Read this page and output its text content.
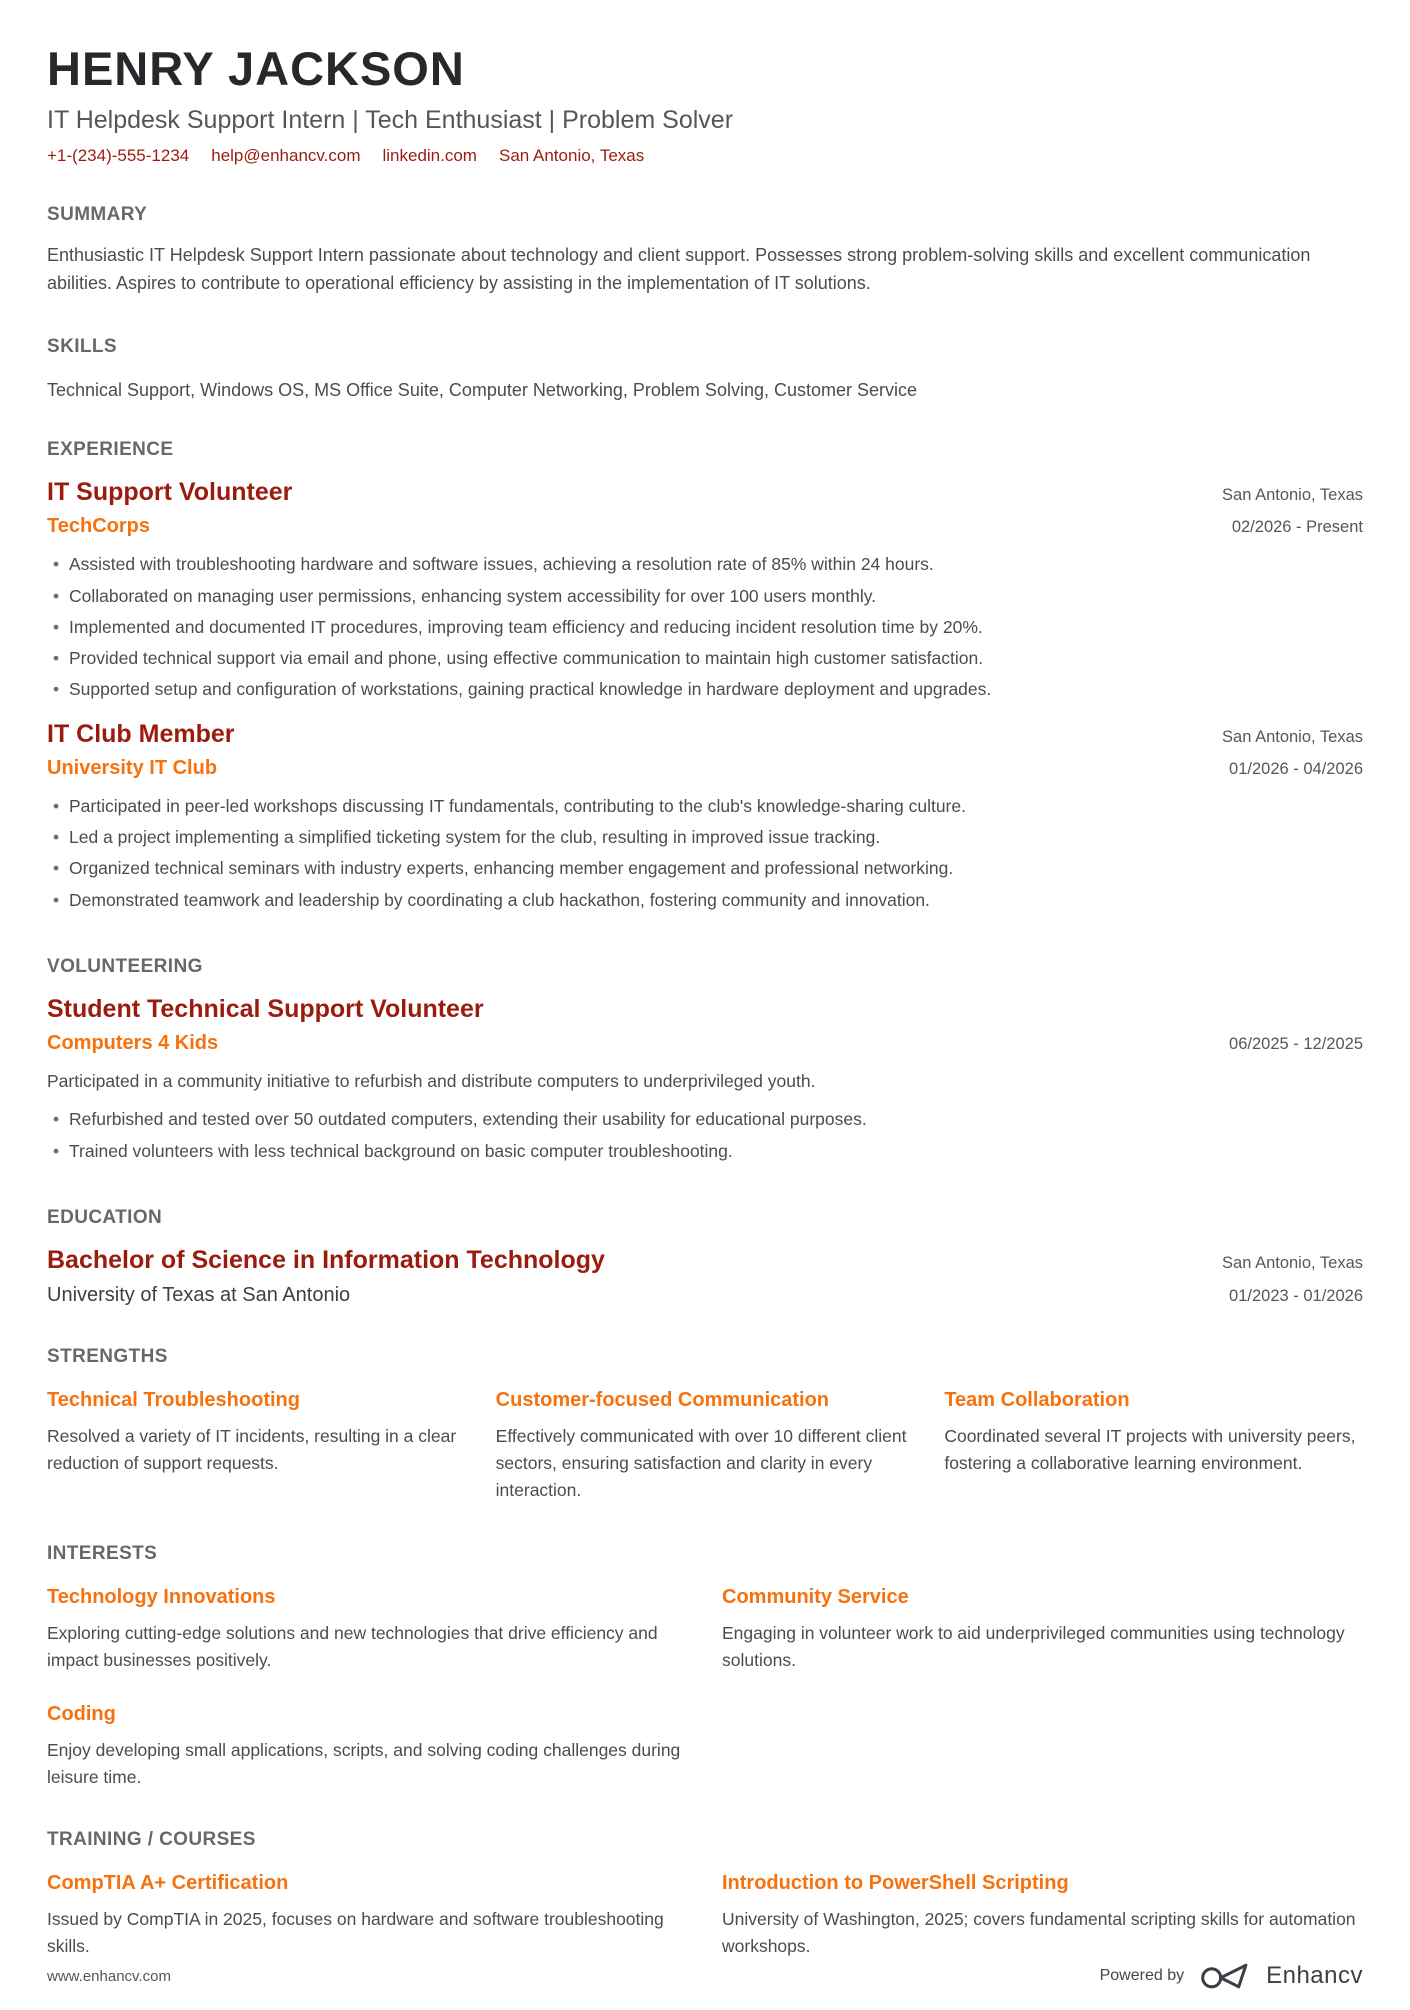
HENRY JACKSON
IT Helpdesk Support Intern | Tech Enthusiast | Problem Solver
+1-(234)-555-1234 help@enhancv.com linkedin.com San Antonio, Texas
SUMMARY
Enthusiastic IT Helpdesk Support Intern passionate about technology and client support. Possesses strong problem-solving skills and excellent communication abilities. Aspires to contribute to operational efficiency by assisting in the implementation of IT solutions.
SKILLS
Technical Support, Windows OS, MS Office Suite, Computer Networking, Problem Solving, Customer Service
EXPERIENCE
IT Support Volunteer	San Antonio, Texas
TechCorps	02/2026 - Present
• Assisted with troubleshooting hardware and software issues, achieving a resolution rate of 85% within 24 hours.
• Collaborated on managing user permissions, enhancing system accessibility for over 100 users monthly.
• Implemented and documented IT procedures, improving team efficiency and reducing incident resolution time by 20%.
• Provided technical support via email and phone, using effective communication to maintain high customer satisfaction.
• Supported setup and configuration of workstations, gaining practical knowledge in hardware deployment and upgrades.
IT Club Member	San Antonio, Texas
University IT Club	01/2026 - 04/2026
• Participated in peer-led workshops discussing IT fundamentals, contributing to the club's knowledge-sharing culture.
• Led a project implementing a simplified ticketing system for the club, resulting in improved issue tracking.
• Organized technical seminars with industry experts, enhancing member engagement and professional networking.
• Demonstrated teamwork and leadership by coordinating a club hackathon, fostering community and innovation.
VOLUNTEERING
Student Technical Support Volunteer
Computers 4 Kids	06/2025 - 12/2025
Participated in a community initiative to refurbish and distribute computers to underprivileged youth.
• Refurbished and tested over 50 outdated computers, extending their usability for educational purposes.
• Trained volunteers with less technical background on basic computer troubleshooting.
EDUCATION
Bachelor of Science in Information Technology	San Antonio, Texas
University of Texas at San Antonio	01/2023 - 01/2026
STRENGTHS
Technical Troubleshooting
Resolved a variety of IT incidents, resulting in a clear reduction of support requests.
Customer-focused Communication
Effectively communicated with over 10 different client sectors, ensuring satisfaction and clarity in every interaction.
Team Collaboration
Coordinated several IT projects with university peers, fostering a collaborative learning environment.
INTERESTS
Technology Innovations
Exploring cutting-edge solutions and new technologies that drive efficiency and impact businesses positively.
Community Service
Engaging in volunteer work to aid underprivileged communities using technology solutions.
Coding
Enjoy developing small applications, scripts, and solving coding challenges during leisure time.
TRAINING / COURSES
CompTIA A+ Certification
Issued by CompTIA in 2025, focuses on hardware and software troubleshooting skills.
Introduction to PowerShell Scripting
University of Washington, 2025; covers fundamental scripting skills for automation workshops.
www.enhancv.com	Powered by	Enhancv
